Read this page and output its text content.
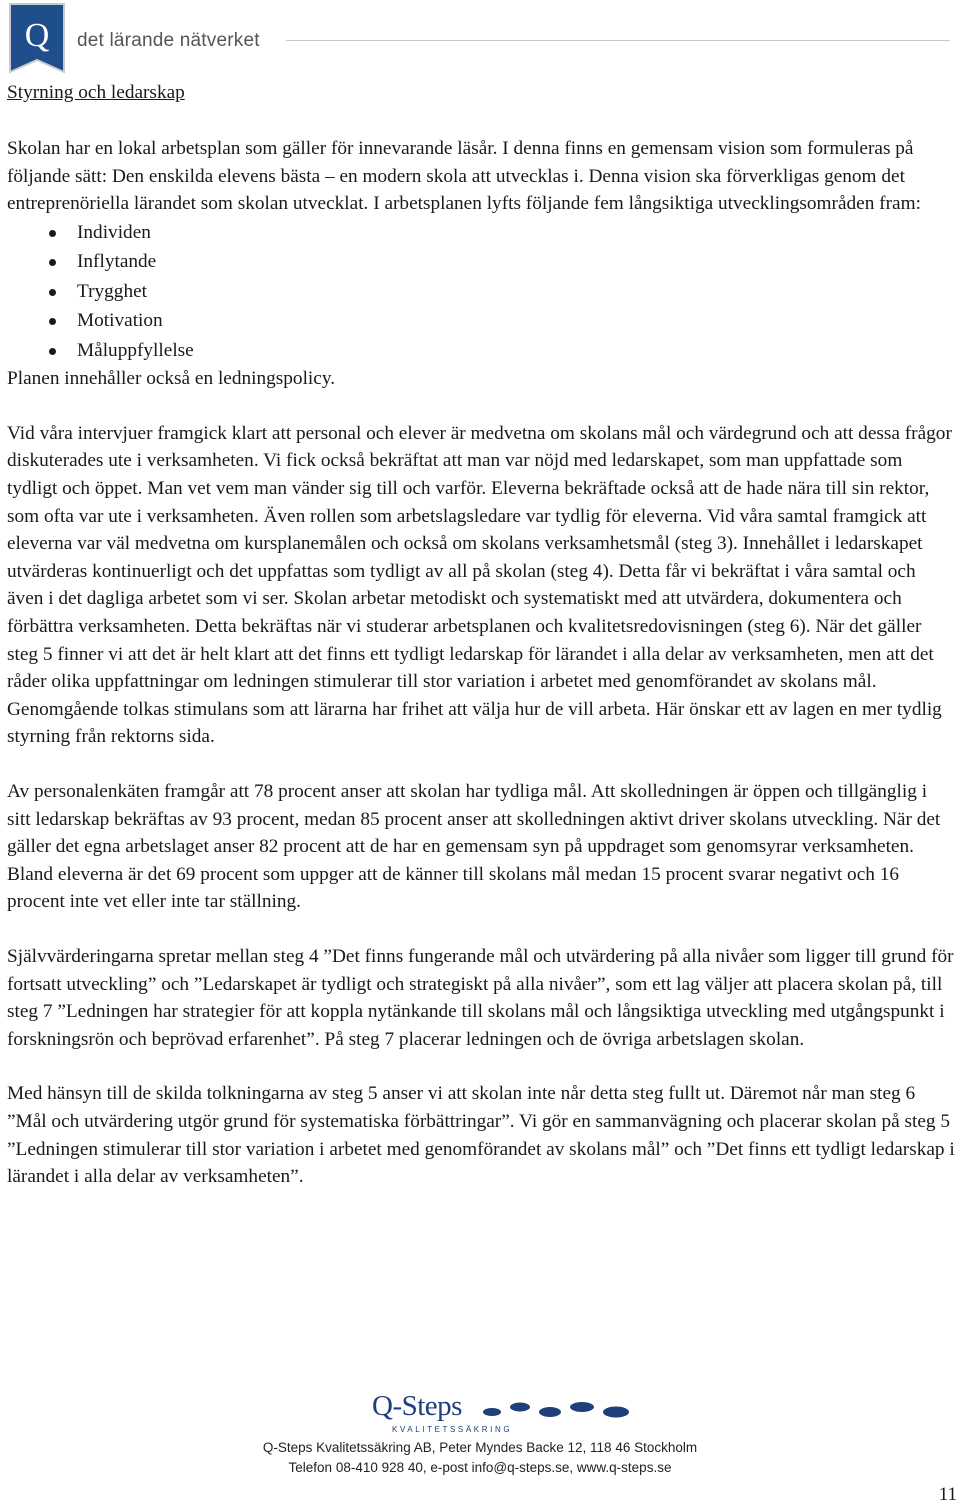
Q det lärande nätverket
Styrning och ledarskap

Skolan har en lokal arbetsplan som gäller för innevarande läsår. I denna finns en gemensam vision som formuleras på följande sätt: Den enskilda elevens bästa – en modern skola att utvecklas i. Denna vision ska förverkligas genom det entreprenöriella lärandet som skolan utvecklat. I arbetsplanen lyfts följande fem långsiktiga utvecklingsområden fram:

Individen
Inflytande
Trygghet
Motivation
Måluppfyllelse

Planen innehåller också en ledningspolicy.

Vid våra intervjuer framgick klart att personal och elever är medvetna om skolans mål och värdegrund och att dessa frågor diskuterades ute i verksamheten. Vi fick också bekräftat att man var nöjd med ledarskapet, som man uppfattade som tydligt och öppet. Man vet vem man vänder sig till och varför. Eleverna bekräftade också att de hade nära till sin rektor, som ofta var ute i verksamheten. Även rollen som arbetslagsledare var tydlig för eleverna. Vid våra samtal framgick att eleverna var väl medvetna om kursplanemålen och också om skolans verksamhetsmål (steg 3). Innehållet i ledarskapet utvärderas kontinuerligt och det uppfattas som tydligt av all på skolan (steg 4). Detta får vi bekräftat i våra samtal och även i det dagliga arbetet som vi ser. Skolan arbetar metodiskt och systematiskt med att utvärdera, dokumentera och förbättra verksamheten. Detta bekräftas när vi studerar arbetsplanen och kvalitetsredovisningen (steg 6). När det gäller steg 5 finner vi att det är helt klart att det finns ett tydligt ledarskap för lärandet i alla delar av verksamheten, men att det råder olika uppfattningar om ledningen stimulerar till stor variation i arbetet med genomförandet av skolans mål. Genomgående tolkas stimulans som att lärarna har frihet att välja hur de vill arbeta. Här önskar ett av lagen en mer tydlig styrning från rektorns sida.

Av personalenkäten framgår att 78 procent anser att skolan har tydliga mål. Att skolledningen är öppen och tillgänglig i sitt ledarskap bekräftas av 93 procent, medan 85 procent anser att skolledningen aktivt driver skolans utveckling. När det gäller det egna arbetslaget anser 82 procent att de har en gemensam syn på uppdraget som genomsyrar verksamheten. Bland eleverna är det 69 procent som uppger att de känner till skolans mål medan 15 procent svarar negativt och 16 procent inte vet eller inte tar ställning.

Självvärderingarna spretar mellan steg 4 ”Det finns fungerande mål och utvärdering på alla nivåer som ligger till grund för fortsatt utveckling” och ”Ledarskapet är tydligt och strategiskt på alla nivåer”, som ett lag väljer att placera skolan på, till steg 7 ”Ledningen har strategier för att koppla nytänkande till skolans mål och långsiktiga utveckling med utgångspunkt i forskningsrön och beprövad erfarenhet”. På steg 7 placerar ledningen och de övriga arbetslagen skolan.

Med hänsyn till de skilda tolkningarna av steg 5 anser vi att skolan inte når detta steg fullt ut. Däremot når man steg 6 ”Mål och utvärdering utgör grund för systematiska förbättringar”. Vi gör en sammanvägning och placerar skolan på steg 5 ”Ledningen stimulerar till stor variation i arbetet med genomförandet av skolans mål” och ”Det finns ett tydligt ledarskap i lärandet i alla delar av verksamheten”.

Q-Steps
KVALITETSSÄKRING
Q-Steps Kvalitetssäkring AB, Peter Myndes Backe 12, 118 46 Stockholm
Telefon 08-410 928 40, e-post info@q-steps.se, www.q-steps.se
11
